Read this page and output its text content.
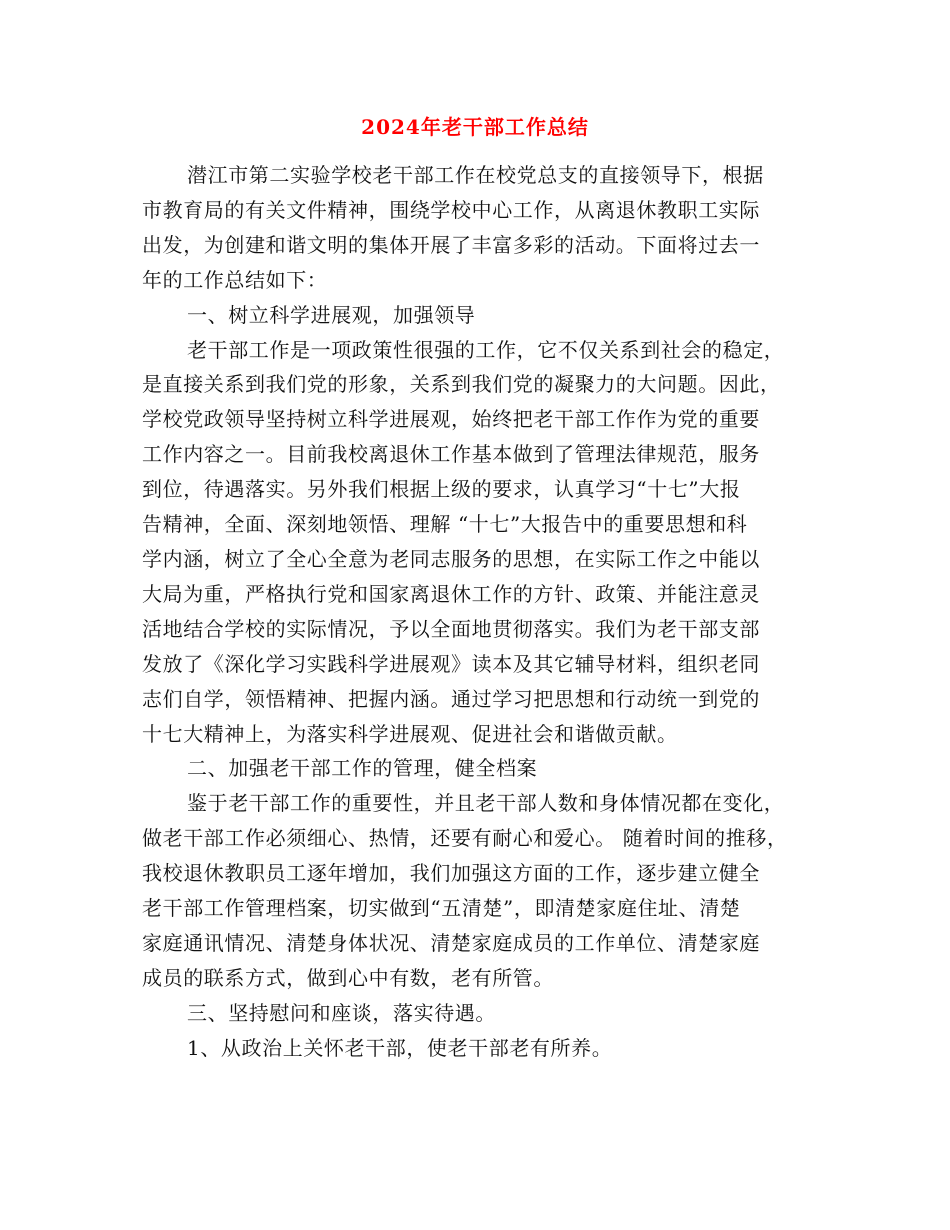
2024年老干部工作总结
潜江市第二实验学校老干部工作在校党总支的直接领导下，根据
市教育局的有关文件精神，围绕学校中心工作，从离退休教职工实际
出发，为创建和谐文明的集体开展了丰富多彩的活动。下面将过去一
年的工作总结如下：
一、树立科学进展观，加强领导
老干部工作是一项政策性很强的工作，它不仅关系到社会的稳定，
是直接关系到我们党的形象，关系到我们党的凝聚力的大问题。因此，
学校党政领导坚持树立科学进展观，始终把老干部工作作为党的重要
工作内容之一。目前我校离退休工作基本做到了管理法律规范，服务
到位，待遇落实。另外我们根据上级的要求，认真学习“十七”大报
告精神，全面、深刻地领悟、理解 “十七”大报告中的重要思想和科
学内涵，树立了全心全意为老同志服务的思想，在实际工作之中能以
大局为重，严格执行党和国家离退休工作的方针、政策、并能注意灵
活地结合学校的实际情况，予以全面地贯彻落实。我们为老干部支部
发放了《深化学习实践科学进展观》读本及其它辅导材料，组织老同
志们自学，领悟精神、把握内涵。通过学习把思想和行动统一到党的
十七大精神上，为落实科学进展观、促进社会和谐做贡献。
二、加强老干部工作的管理，健全档案
鉴于老干部工作的重要性，并且老干部人数和身体情况都在变化，
做老干部工作必须细心、热情，还要有耐心和爱心。 随着时间的推移，
我校退休教职员工逐年增加，我们加强这方面的工作，逐步建立健全
老干部工作管理档案，切实做到“五清楚”，即清楚家庭住址、清楚
家庭通讯情况、清楚身体状况、清楚家庭成员的工作单位、清楚家庭
成员的联系方式，做到心中有数，老有所管。
三、坚持慰问和座谈，落实待遇。
1、从政治上关怀老干部，使老干部老有所养。
